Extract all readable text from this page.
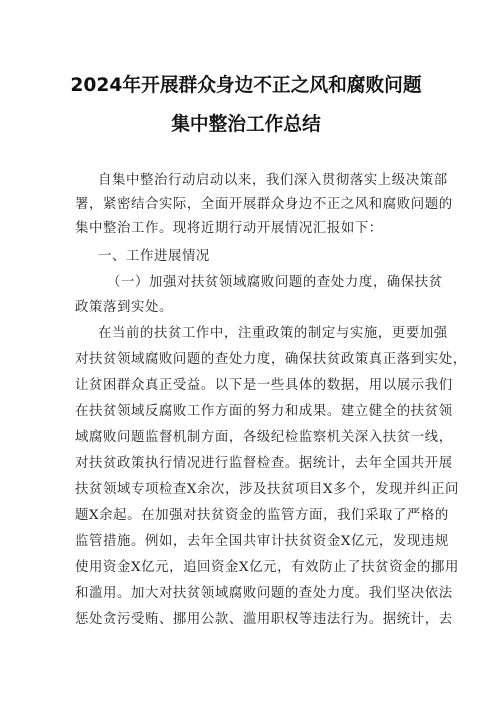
2024年开展群众身边不正之风和腐败问题
集中整治工作总结
自集中整治行动启动以来，我们深入贯彻落实上级决策部
署，紧密结合实际，全面开展群众身边不正之风和腐败问题的
集中整治工作。现将近期行动开展情况汇报如下：
一、工作进展情况
（一）加强对扶贫领域腐败问题的查处力度，确保扶贫
政策落到实处。
在当前的扶贫工作中，注重政策的制定与实施，更要加强
对扶贫领域腐败问题的查处力度，确保扶贫政策真正落到实处，
让贫困群众真正受益。以下是一些具体的数据，用以展示我们
在扶贫领域反腐败工作方面的努力和成果。建立健全的扶贫领
域腐败问题监督机制方面，各级纪检监察机关深入扶贫一线，
对扶贫政策执行情况进行监督检查。据统计，去年全国共开展
扶贫领域专项检查X余次，涉及扶贫项目X多个，发现并纠正问
题X余起。在加强对扶贫资金的监管方面，我们采取了严格的
监管措施。例如，去年全国共审计扶贫资金X亿元，发现违规
使用资金X亿元，追回资金X亿元，有效防止了扶贫资金的挪用
和滥用。加大对扶贫领域腐败问题的查处力度。我们坚决依法
惩处贪污受贿、挪用公款、滥用职权等违法行为。据统计，去
